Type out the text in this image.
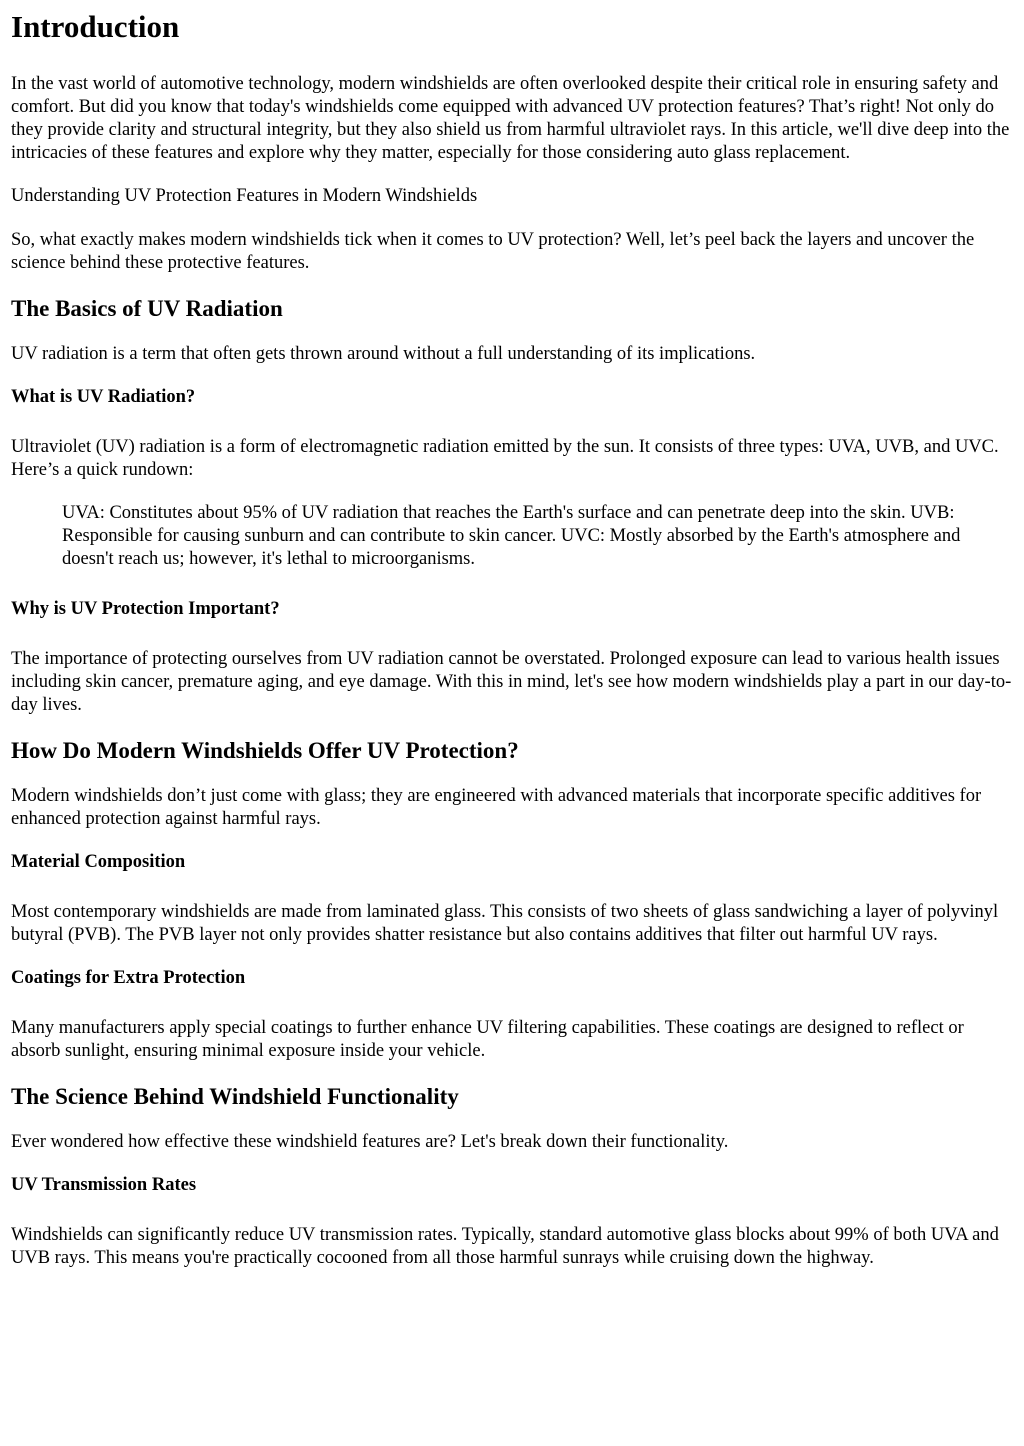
Introduction

In the vast world of automotive technology, modern windshields are often overlooked despite their critical role in ensuring safety and comfort. But did you know that today's windshields come equipped with advanced UV protection features? That’s right! Not only do they provide clarity and structural integrity, but they also shield us from harmful ultraviolet rays. In this article, we'll dive deep into the intricacies of these features and explore why they matter, especially for those considering auto glass replacement.

Understanding UV Protection Features in Modern Windshields

So, what exactly makes modern windshields tick when it comes to UV protection? Well, let’s peel back the layers and uncover the science behind these protective features.

The Basics of UV Radiation

UV radiation is a term that often gets thrown around without a full understanding of its implications.

What is UV Radiation?

Ultraviolet (UV) radiation is a form of electromagnetic radiation emitted by the sun. It consists of three types: UVA, UVB, and UVC. Here’s a quick rundown:

UVA: Constitutes about 95% of UV radiation that reaches the Earth's surface and can penetrate deep into the skin. UVB: Responsible for causing sunburn and can contribute to skin cancer. UVC: Mostly absorbed by the Earth's atmosphere and doesn't reach us; however, it's lethal to microorganisms.

Why is UV Protection Important?

The importance of protecting ourselves from UV radiation cannot be overstated. Prolonged exposure can lead to various health issues including skin cancer, premature aging, and eye damage. With this in mind, let's see how modern windshields play a part in our day-to-day lives.

How Do Modern Windshields Offer UV Protection?

Modern windshields don’t just come with glass; they are engineered with advanced materials that incorporate specific additives for enhanced protection against harmful rays.

Material Composition

Most contemporary windshields are made from laminated glass. This consists of two sheets of glass sandwiching a layer of polyvinyl butyral (PVB). The PVB layer not only provides shatter resistance but also contains additives that filter out harmful UV rays.

Coatings for Extra Protection

Many manufacturers apply special coatings to further enhance UV filtering capabilities. These coatings are designed to reflect or absorb sunlight, ensuring minimal exposure inside your vehicle.

The Science Behind Windshield Functionality

Ever wondered how effective these windshield features are? Let's break down their functionality.

UV Transmission Rates

Windshields can significantly reduce UV transmission rates. Typically, standard automotive glass blocks about 99% of both UVA and UVB rays. This means you're practically cocooned from all those harmful sunrays while cruising down the highway.
